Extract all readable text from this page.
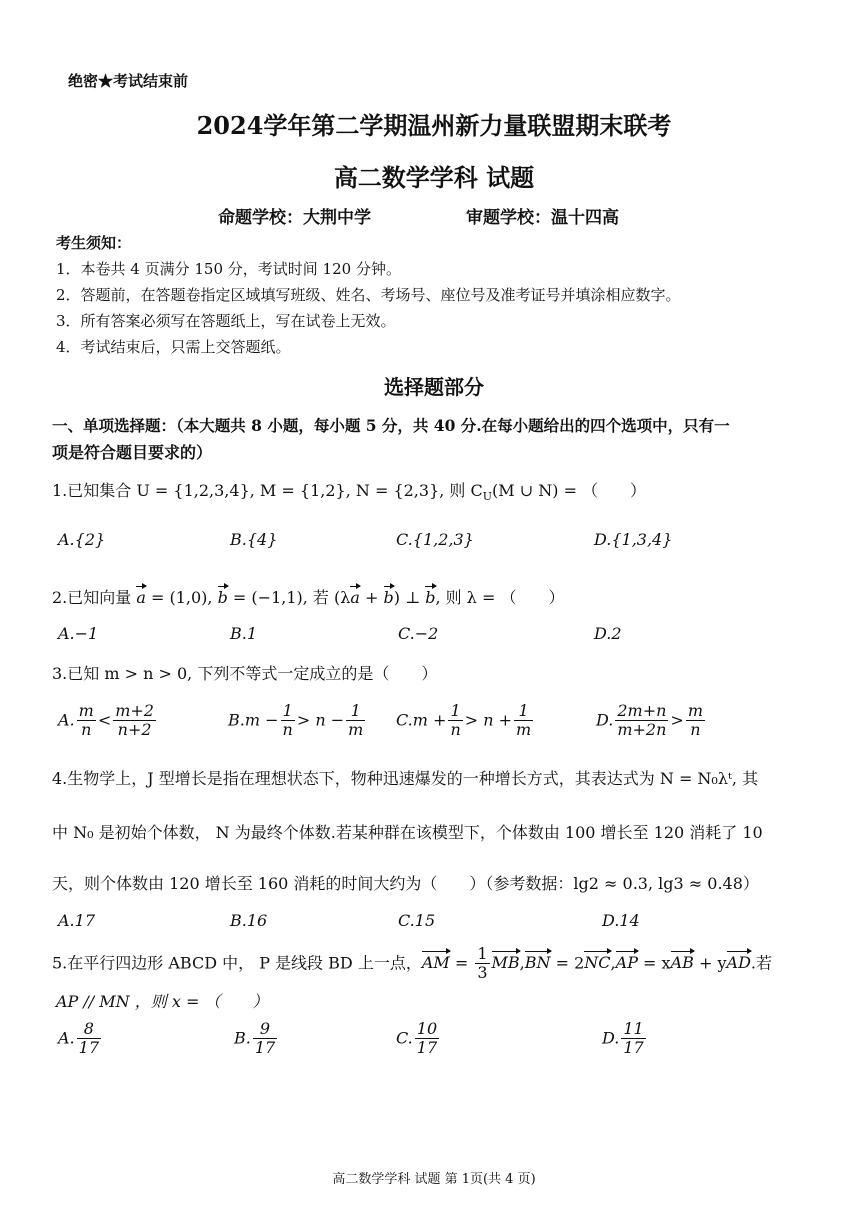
绝密★考试结束前
2024学年第二学期温州新力量联盟期末联考
高二数学学科 试题
命题学校：大荆中学	审题学校：温十四高
考生须知：
1．本卷共 4 页满分 150 分，考试时间 120 分钟。
2．答题前，在答题卷指定区域填写班级、姓名、考场号、座位号及准考证号并填涂相应数字。
3．所有答案必须写在答题纸上，写在试卷上无效。
4．考试结束后，只需上交答题纸。
选择题部分
一、单项选择题：（本大题共 8 小题，每小题 5 分，共 40 分.在每小题给出的四个选项中，只有一
项是符合题目要求的）
1.已知集合 U = {1,2,3,4}, M = {1,2}, N = {2,3}, 则 $C_U(M$ ∪ N) = （　　）
A.{2}	B.{4}	C.{1,2,3}	D.{1,3,4}
2.已知向量 a = (1,0), b = (−1,1), 若 (λa + b) ⊥ b, 则 λ = （　　）
A.−1	B.1	C.−2	D.2
3.已知 m > n > 0, 下列不等式一定成立的是（　　）
A. $\frac{m}{n} < \frac{m+2}{n+2}$	$B.m - \frac{1}{n} > n - \frac{1}{m} C.m + \frac{1}{n} > n + \frac{1}{m}$	D. $\frac{2m+n}{m+2n} > \frac{m}{n}$
4.生物学上，J 型增长是指在理想状态下，物种迅速爆发的一种增长方式，其表达式为 N = N₀λᵗ, 其
中 N₀ 是初始个体数， N 为最终个体数.若某种群在该模型下，个体数由 100 增长至 120 消耗了 10
天，则个体数由 120 增长至 160 消耗的时间大约为（　　）（参考数据：lg2 ≈ 0.3, lg3 ≈ 0.48）
A.17	B.16	C.15	D.14
5.在平行四边形 ABCD 中， P 是线段 BD 上一点，AM = $\frac{1}{3} MB,BN = 2NC,AP$ = xAB + yAD.若
AP // MN ，则 x = （　　）
A. $\frac{8}{17}$	B. $\frac{9}{17}$	C. $\frac{10}{17}$	D. $\frac{11}{17}$
高二数学学科 试题 第 1页(共 4 页)
